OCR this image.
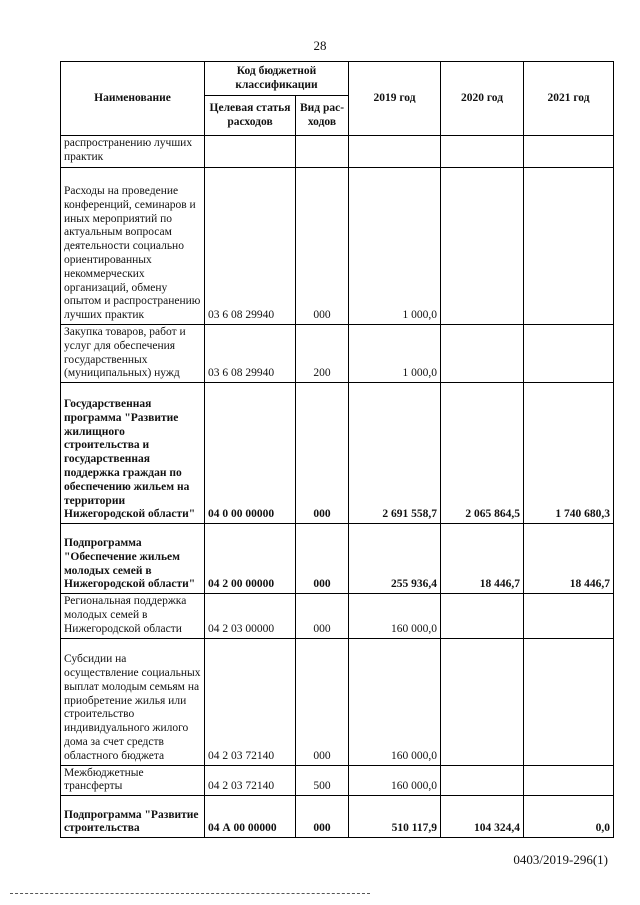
28
Наименование	Код бюджетной классификации		2019 год	2020 год	2021 год
	Целевая статья расходов	Вид рас-ходов			
распространению лучших практик					
Расходы на проведение конференций, семинаров и иных мероприятий по актуальным вопросам деятельности социально ориентированных некоммерческих организаций, обмену опытом и распространению лучших практик	03 6 08 29940	000	1 000,0		
Закупка товаров, работ и услуг для обеспечения государственных (муниципальных) нужд	03 6 08 29940	200	1 000,0		
Государственная программа "Развитие жилищного строительства и государственная поддержка граждан по обеспечению жильем на территории Нижегородской области"	04 0 00 00000	000	2 691 558,7	2 065 864,5	1 740 680,3
Подпрограмма "Обеспечение жильем молодых семей в Нижегородской области"	04 2 00 00000	000	255 936,4	18 446,7	18 446,7
Региональная поддержка молодых семей в Нижегородской области	04 2 03 00000	000	160 000,0		
Субсидии на осуществление социальных выплат молодым семьям на приобретение жилья или строительство индивидуального жилого дома за счет средств областного бюджета	04 2 03 72140	000	160 000,0		
Межбюджетные трансферты	04 2 03 72140	500	160 000,0		
Подпрограмма "Развитие строительства	04 А 00 00000	000	510 117,9	104 324,4	0,0
0403/2019-296(1)
